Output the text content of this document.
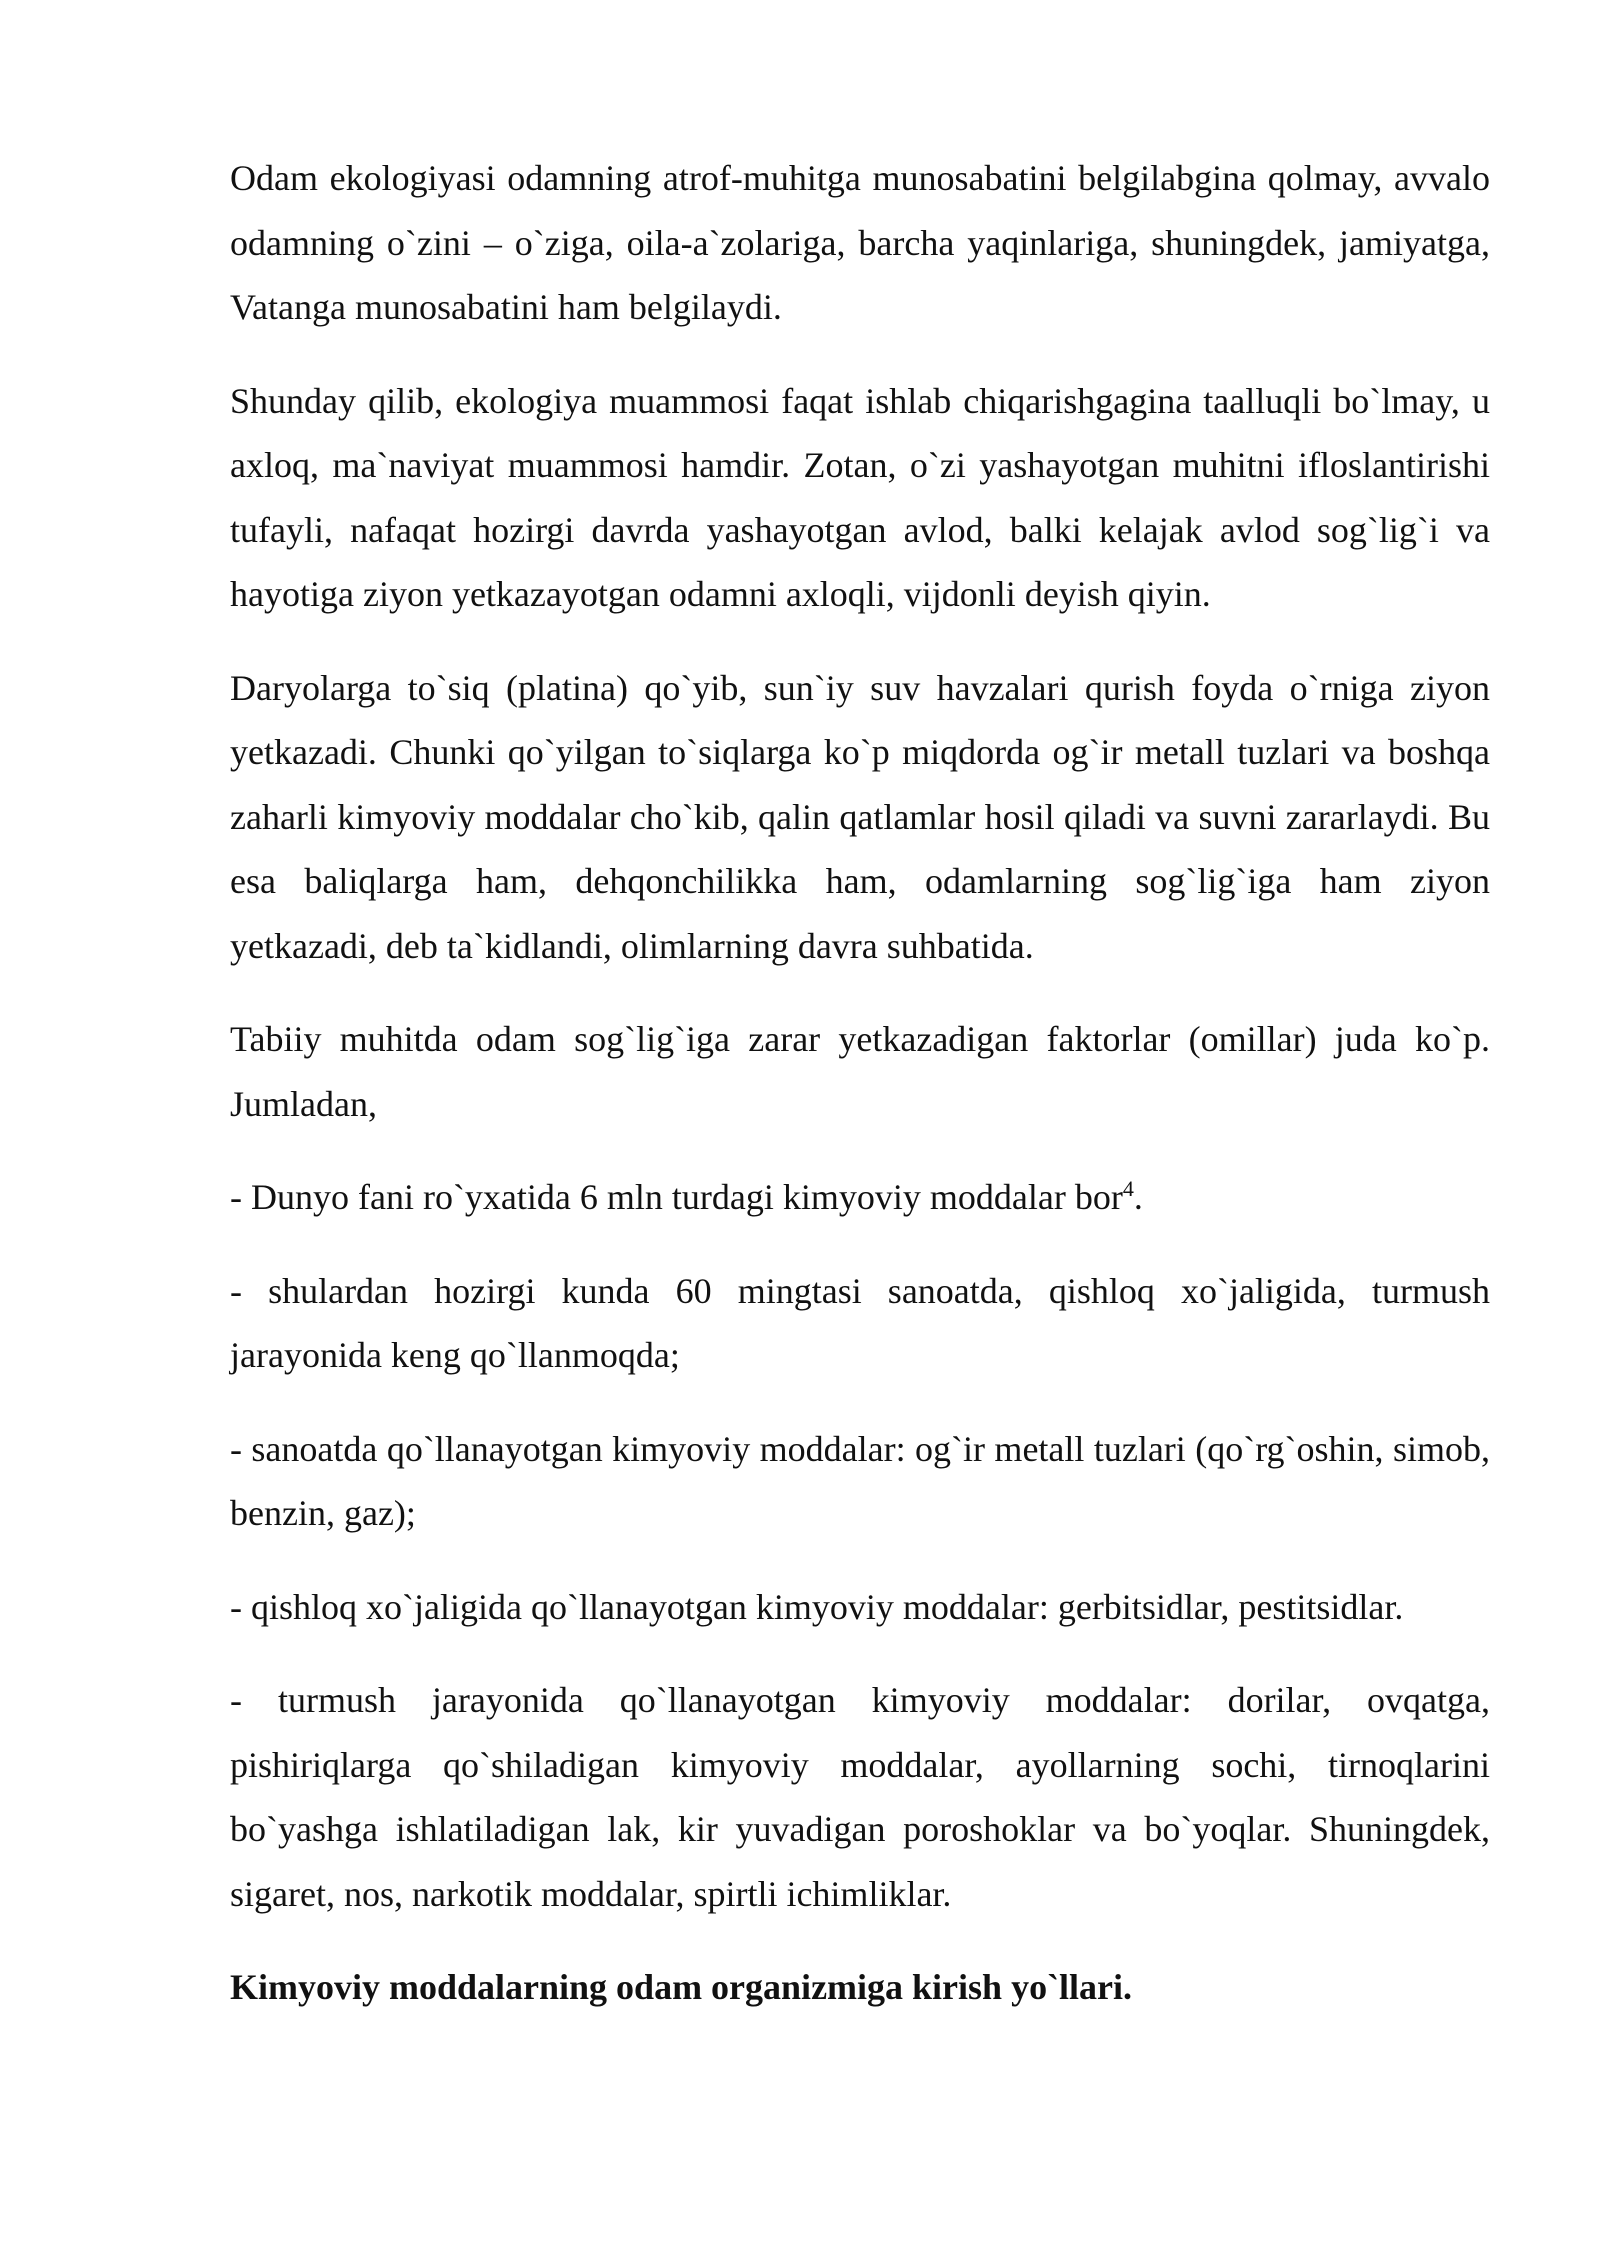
Odam ekologiyasi odamning atrof-muhitga munosabatini belgilabgina qolmay, avvalo odamning o`zini – o`ziga, oila-a`zolariga, barcha yaqinlariga, shuningdek, jamiyatga, Vatanga munosabatini ham belgilaydi.

Shunday qilib, ekologiya muammosi faqat ishlab chiqarishgagina taalluqli bo`lmay, u axloq, ma`naviyat muammosi hamdir. Zotan, o`zi yashayotgan muhitni ifloslantirishi tufayli, nafaqat hozirgi davrda yashayotgan avlod, balki kelajak avlod sog`lig`i va hayotiga ziyon yetkazayotgan odamni axloqli, vijdonli deyish qiyin.

Daryolarga to`siq (platina) qo`yib, sun`iy suv havzalari qurish foyda o`rniga ziyon yetkazadi. Chunki qo`yilgan to`siqlarga ko`p miqdorda og`ir metall tuzlari va boshqa zaharli kimyoviy moddalar cho`kib, qalin qatlamlar hosil qiladi va suvni zararlaydi. Bu esa baliqlarga ham, dehqonchilikka ham, odamlarning sog`lig`iga ham ziyon yetkazadi, deb ta`kidlandi, olimlarning davra suhbatida.

Tabiiy muhitda odam sog`lig`iga zarar yetkazadigan faktorlar (omillar) juda ko`p. Jumladan,

- Dunyo fani ro`yxatida 6 mln turdagi kimyoviy moddalar bor$^4$.

- shulardan hozirgi kunda 60 mingtasi sanoatda, qishloq xo`jaligida, turmush jarayonida keng qo`llanmoqda;

- sanoatda qo`llanayotgan kimyoviy moddalar: og`ir metall tuzlari (qo`rg`oshin, simob, benzin, gaz);

- qishloq xo`jaligida qo`llanayotgan kimyoviy moddalar: gerbitsidlar, pestitsidlar.

- turmush jarayonida qo`llanayotgan kimyoviy moddalar: dorilar, ovqatga, pishiriqlarga qo`shiladigan kimyoviy moddalar, ayollarning sochi, tirnoqlarini bo`yashga ishlatiladigan lak, kir yuvadigan poroshoklar va bo`yoqlar. Shuningdek, sigaret, nos, narkotik moddalar, spirtli ichimliklar.

Kimyoviy moddalarning odam organizmiga kirish yo`llari.
